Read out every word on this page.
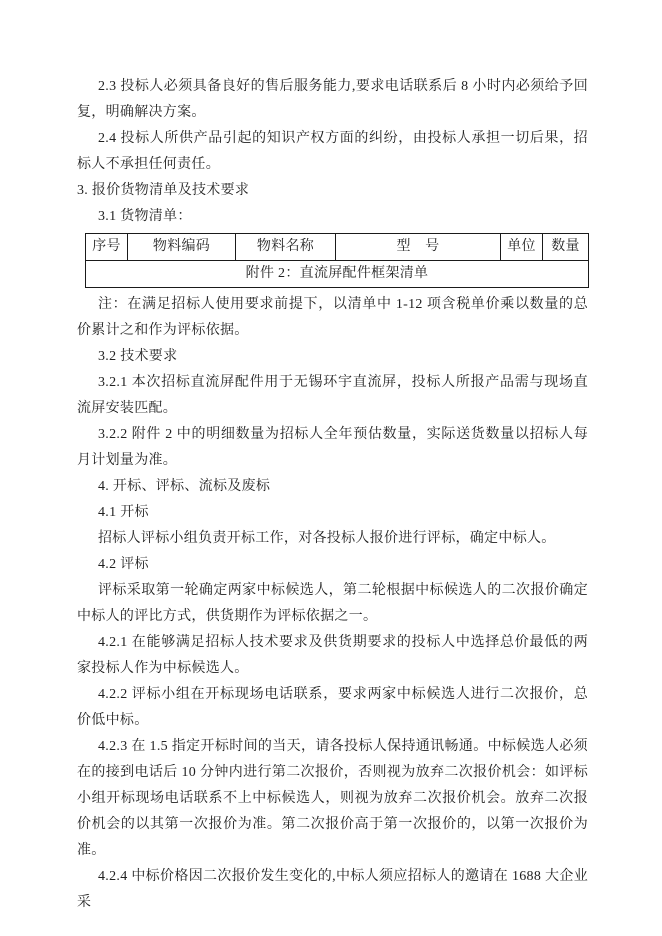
2.3 投标人必须具备良好的售后服务能力,要求电话联系后 8 小时内必须给予回复，明确解决方案。

2.4 投标人所供产品引起的知识产权方面的纠纷，由投标人承担一切后果，招标人不承担任何责任。

3. 报价货物清单及技术要求

3.1 货物清单：

序号	物料编码	物料名称	型　号	单位	数量
附件 2：直流屏配件框架清单

注：在满足招标人使用要求前提下，以清单中 1-12 项含税单价乘以数量的总价累计之和作为评标依据。

3.2 技术要求

3.2.1 本次招标直流屏配件用于无锡环宇直流屏，投标人所报产品需与现场直流屏安装匹配。

3.2.2 附件 2 中的明细数量为招标人全年预估数量，实际送货数量以招标人每月计划量为准。

4. 开标、评标、流标及废标

4.1 开标

招标人评标小组负责开标工作，对各投标人报价进行评标，确定中标人。

4.2 评标

评标采取第一轮确定两家中标候选人，第二轮根据中标候选人的二次报价确定中标人的评比方式，供货期作为评标依据之一。

4.2.1 在能够满足招标人技术要求及供货期要求的投标人中选择总价最低的两家投标人作为中标候选人。

4.2.2 评标小组在开标现场电话联系，要求两家中标候选人进行二次报价，总价低中标。

4.2.3 在 1.5 指定开标时间的当天，请各投标人保持通讯畅通。中标候选人必须在的接到电话后 10 分钟内进行第二次报价，否则视为放弃二次报价机会：如评标小组开标现场电话联系不上中标候选人，则视为放弃二次报价机会。放弃二次报价机会的以其第一次报价为准。第二次报价高于第一次报价的，以第一次报价为准。

4.2.4 中标价格因二次报价发生变化的,中标人须应招标人的邀请在 1688 大企业采
